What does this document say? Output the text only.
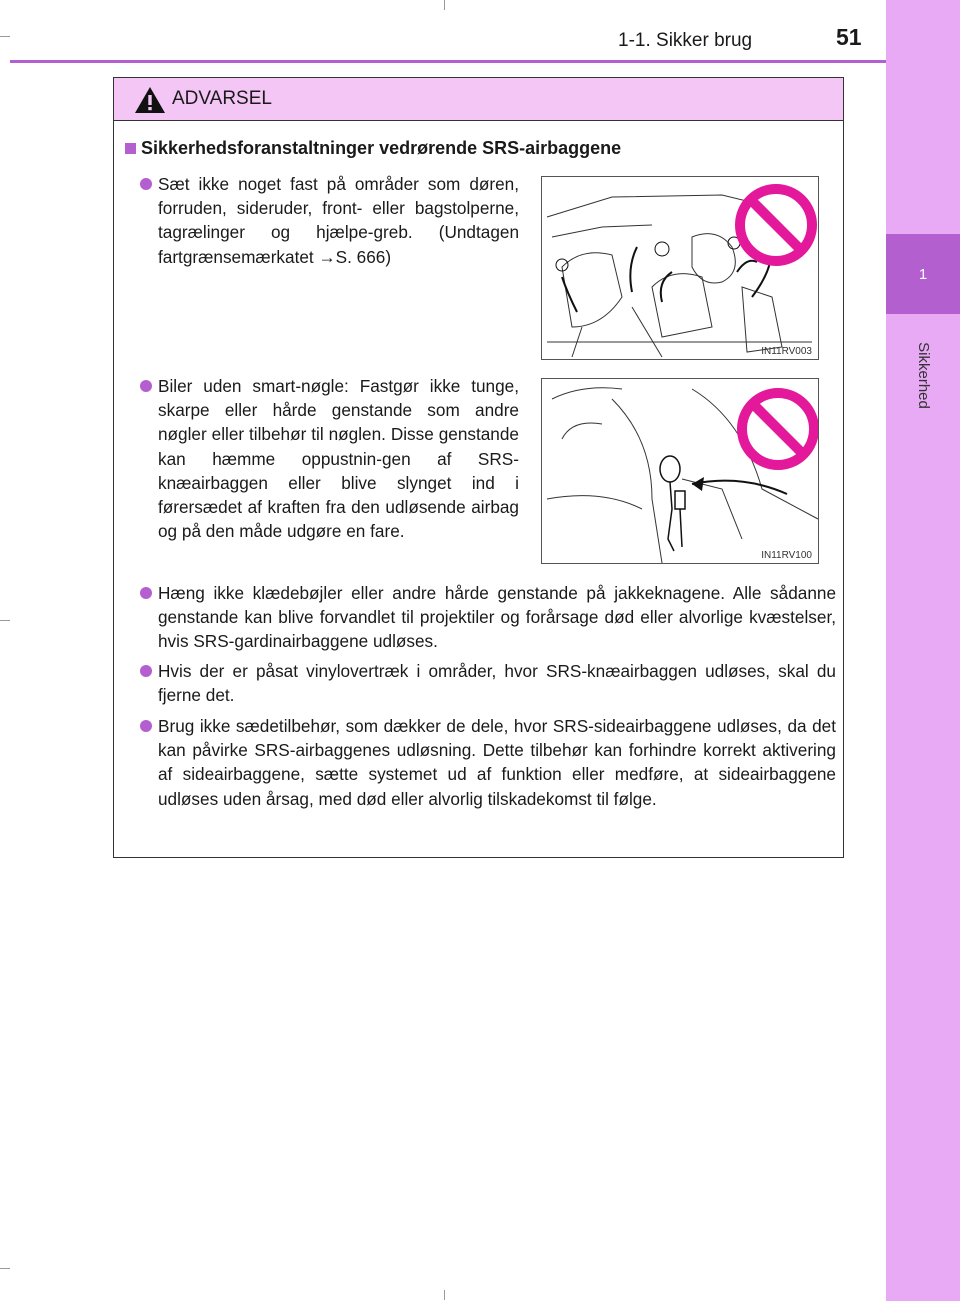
1
Sikkerhed
1-1. Sikker brug	51
ADVARSEL
Sikkerhedsforanstaltninger vedrørende SRS-airbaggene
Sæt ikke noget fast på områder som døren, forruden, sideruder, front- eller bagstolperne, tagrælinger og hjælpe-greb. (Undtagen fartgrænsemærkatet →S. 666)
IN11RV003
Biler uden smart-nøgle: Fastgør ikke tunge, skarpe eller hårde genstande som andre nøgler eller tilbehør til nøglen. Disse genstande kan hæmme oppustnin-gen af SRS-knæairbaggen eller blive slynget ind i førersædet af kraften fra den udløsende airbag og på den måde udgøre en fare.
IN11RV100
Hæng ikke klædebøjler eller andre hårde genstande på jakkeknagene. Alle sådanne genstande kan blive forvandlet til projektiler og forårsage død eller alvorlige kvæstelser, hvis SRS-gardinairbaggene udløses.
Hvis der er påsat vinylovertræk i områder, hvor SRS-knæairbaggen udløses, skal du fjerne det.
Brug ikke sædetilbehør, som dækker de dele, hvor SRS-sideairbaggene udløses, da det kan påvirke SRS-airbaggenes udløsning. Dette tilbehør kan forhindre korrekt aktivering af sideairbaggene, sætte systemet ud af funktion eller medføre, at sideairbaggene udløses uden årsag, med død eller alvorlig tilskadekomst til følge.
